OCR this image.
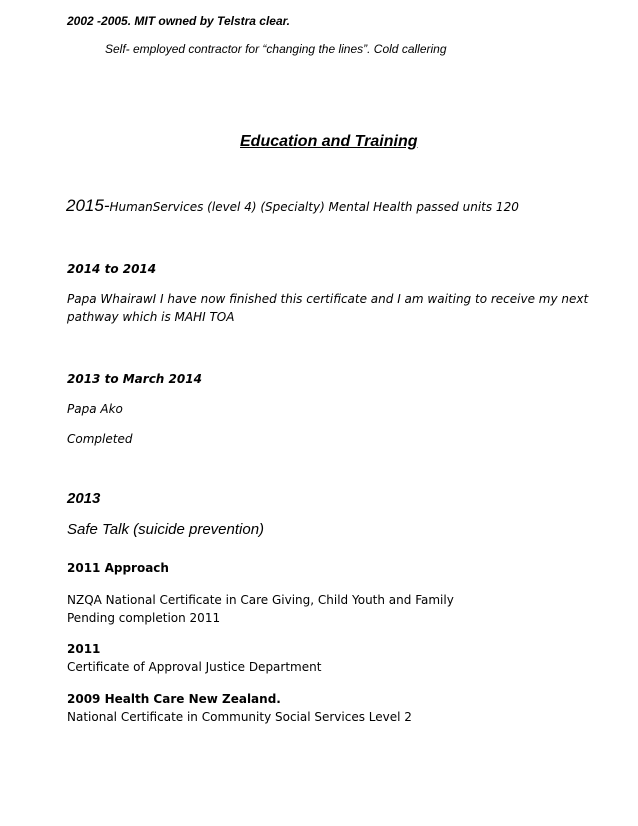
2002 -2005. MIT owned by Telstra clear.
Self- employed contractor for “changing the lines”. Cold callering
Education and Training
2015-HumanServices (level 4) (Specialty) Mental Health passed units 120
2014 to 2014
Papa WhairawI I have now finished this certificate and I am waiting to receive my next
pathway which is MAHI TOA
2013 to March 2014
Papa Ako
Completed
2013
Safe Talk (suicide prevention)
2011 Approach
NZQA National Certificate in Care Giving, Child Youth and Family
Pending completion 2011
2011
Certificate of Approval Justice Department
2009 Health Care New Zealand.
National Certificate in Community Social Services Level 2
